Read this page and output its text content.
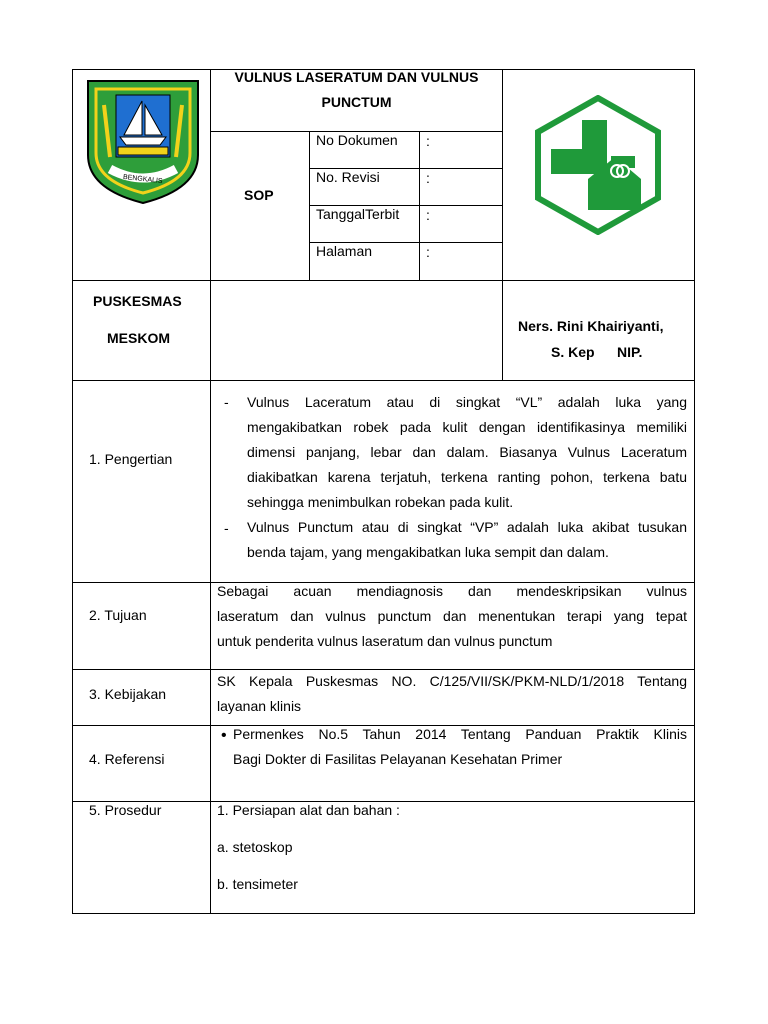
BENGKALIS
VULNUS LASERATUM DAN VULNUS
PUNCTUM
SOP
No Dokumen :
No. Revisi	:
TanggalTerbit :
Halaman	:
PUSKESMAS
MESKOM
Ners. Rini Khairiyanti,
S. Kep NIP.
1. Pengertian
- Vulnus Laceratum atau di singkat “VL” adalah luka yang
mengakibatkan robek pada kulit dengan identifikasinya memiliki
dimensi panjang, lebar dan dalam. Biasanya Vulnus Laceratum
diakibatkan karena terjatuh, terkena ranting pohon, terkena batu
sehingga menimbulkan robekan pada kulit.
- Vulnus Punctum atau di singkat “VP” adalah luka akibat tusukan
benda tajam, yang mengakibatkan luka sempit dan dalam.
2. Tujuan
Sebagai acuan mendiagnosis dan mendeskripsikan vulnus
laseratum dan vulnus punctum dan menentukan terapi yang tepat
untuk penderita vulnus laseratum dan vulnus punctum
3. Kebijakan
SK Kepala Puskesmas NO. C/125/VII/SK/PKM-NLD/1/2018 Tentang
layanan klinis
4. Referensi
• Permenkes No.5 Tahun 2014 Tentang Panduan Praktik Klinis
Bagi Dokter di Fasilitas Pelayanan Kesehatan Primer
5. Prosedur	1. Persiapan alat dan bahan :
a. stetoskop
b. tensimeter
